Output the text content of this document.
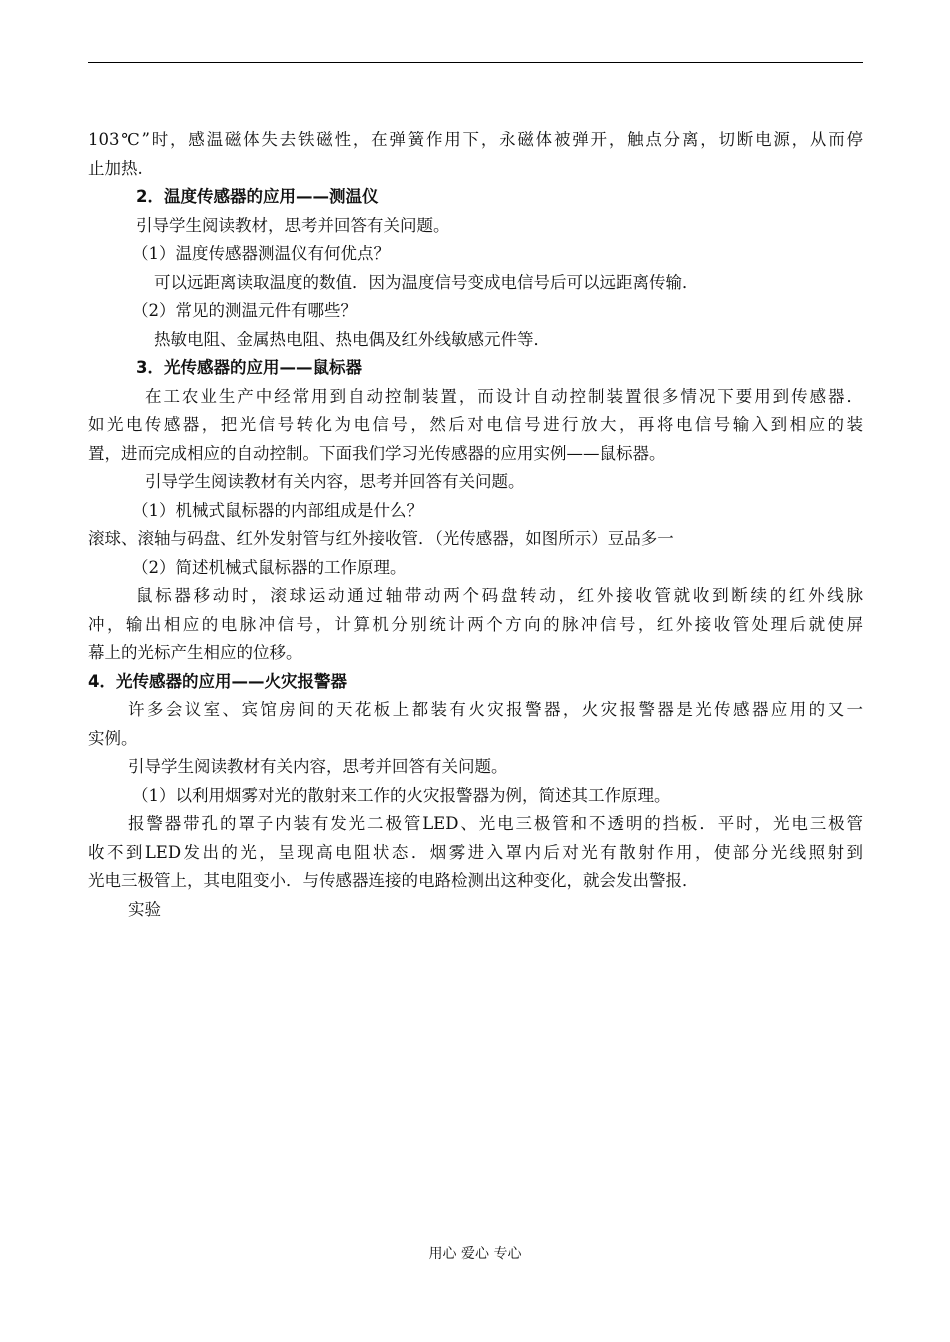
103℃”时，感温磁体失去铁磁性，在弹簧作用下，永磁体被弹开，触点分离，切断电源，从而停
止加热.
2．温度传感器的应用——测温仪
引导学生阅读教材，思考并回答有关问题。
（1）温度传感器测温仪有何优点？
可以远距离读取温度的数值．因为温度信号变成电信号后可以远距离传输．
（2）常见的测温元件有哪些？
热敏电阻、金属热电阻、热电偶及红外线敏感元件等．
3．光传感器的应用——鼠标器
在工农业生产中经常用到自动控制装置，而设计自动控制装置很多情况下要用到传感器．
如光电传感器，把光信号转化为电信号，然后对电信号进行放大，再将电信号输入到相应的装
置，进而完成相应的自动控制。下面我们学习光传感器的应用实例——鼠标器。
引导学生阅读教材有关内容，思考并回答有关问题。
（1）机械式鼠标器的内部组成是什么？
滚球、滚轴与码盘、红外发射管与红外接收管．（光传感器，如图所示）豆品多一
（2）简述机械式鼠标器的工作原理。
鼠标器移动时，滚球运动通过轴带动两个码盘转动，红外接收管就收到断续的红外线脉
冲，输出相应的电脉冲信号，计算机分别统计两个方向的脉冲信号，红外接收管处理后就使屏
幕上的光标产生相应的位移。
4．光传感器的应用——火灾报警器
许多会议室、宾馆房间的天花板上都装有火灾报警器，火灾报警器是光传感器应用的又一
实例。
引导学生阅读教材有关内容，思考并回答有关问题。
（1）以利用烟雾对光的散射来工作的火灾报警器为例，简述其工作原理。
报警器带孔的罩子内装有发光二极管LED、光电三极管和不透明的挡板．平时，光电三极管
收不到LED发出的光，呈现高电阻状态．烟雾进入罩内后对光有散射作用，使部分光线照射到
光电三极管上，其电阻变小．与传感器连接的电路检测出这种变化，就会发出警报．
实验
用心 爱心 专心
